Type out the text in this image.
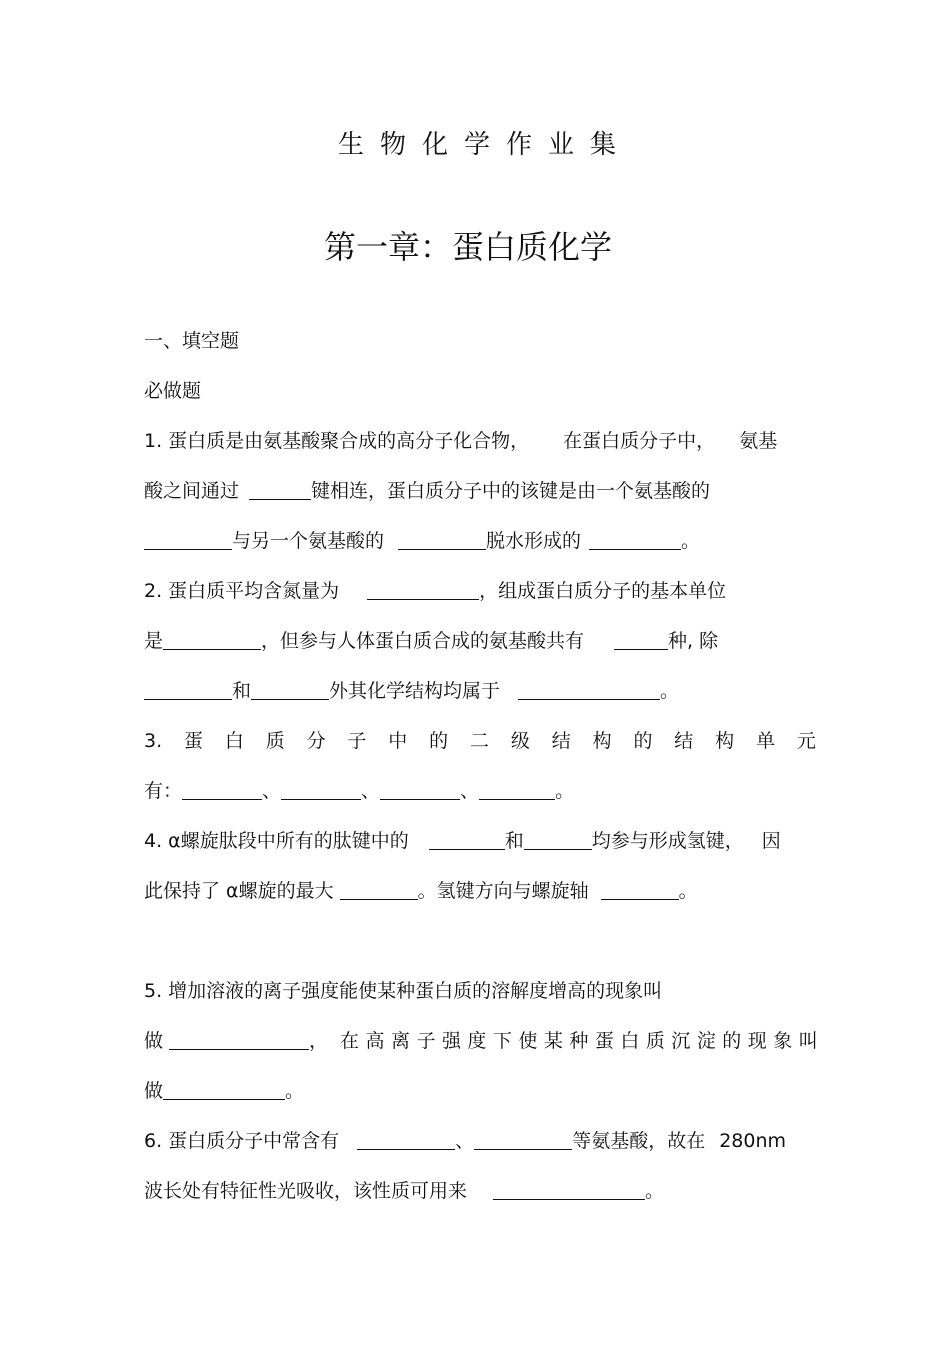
生物化学作业集
第一章：蛋白质化学
一、填空题
必做题
1. 蛋白质是由氨基酸聚合成的高分子化合物， 在蛋白质分子中， 氨基
酸之间通过	键相连，蛋白质分子中的该键是由一个氨基酸的
与另一个氨基酸的	脱水形成的	。
2. 蛋白质平均含氮量为	，组成蛋白质分子的基本单位
是	，但参与人体蛋白质合成的氨基酸共有	种, 除
和	外其化学结构均属于	。
3. 蛋 白 质 分 子 中 的 二 级 结 构 的 结 构 单 元
有：	、	、	、	。
4. α螺旋肽段中所有的肽键中的	和	均参与形成氢键， 因
此保持了 α螺旋的最大	。氢键方向与螺旋轴	。
5. 增加溶液的离子强度能使某种蛋白质的溶解度增高的现象叫
做	， 在 高 离 子 强 度 下 使 某 种 蛋 白 质 沉 淀 的 现 象 叫
做	。
6. 蛋白质分子中常含有	、	等氨基酸，故在 280nm
波长处有特征性光吸收，该性质可用来	。
